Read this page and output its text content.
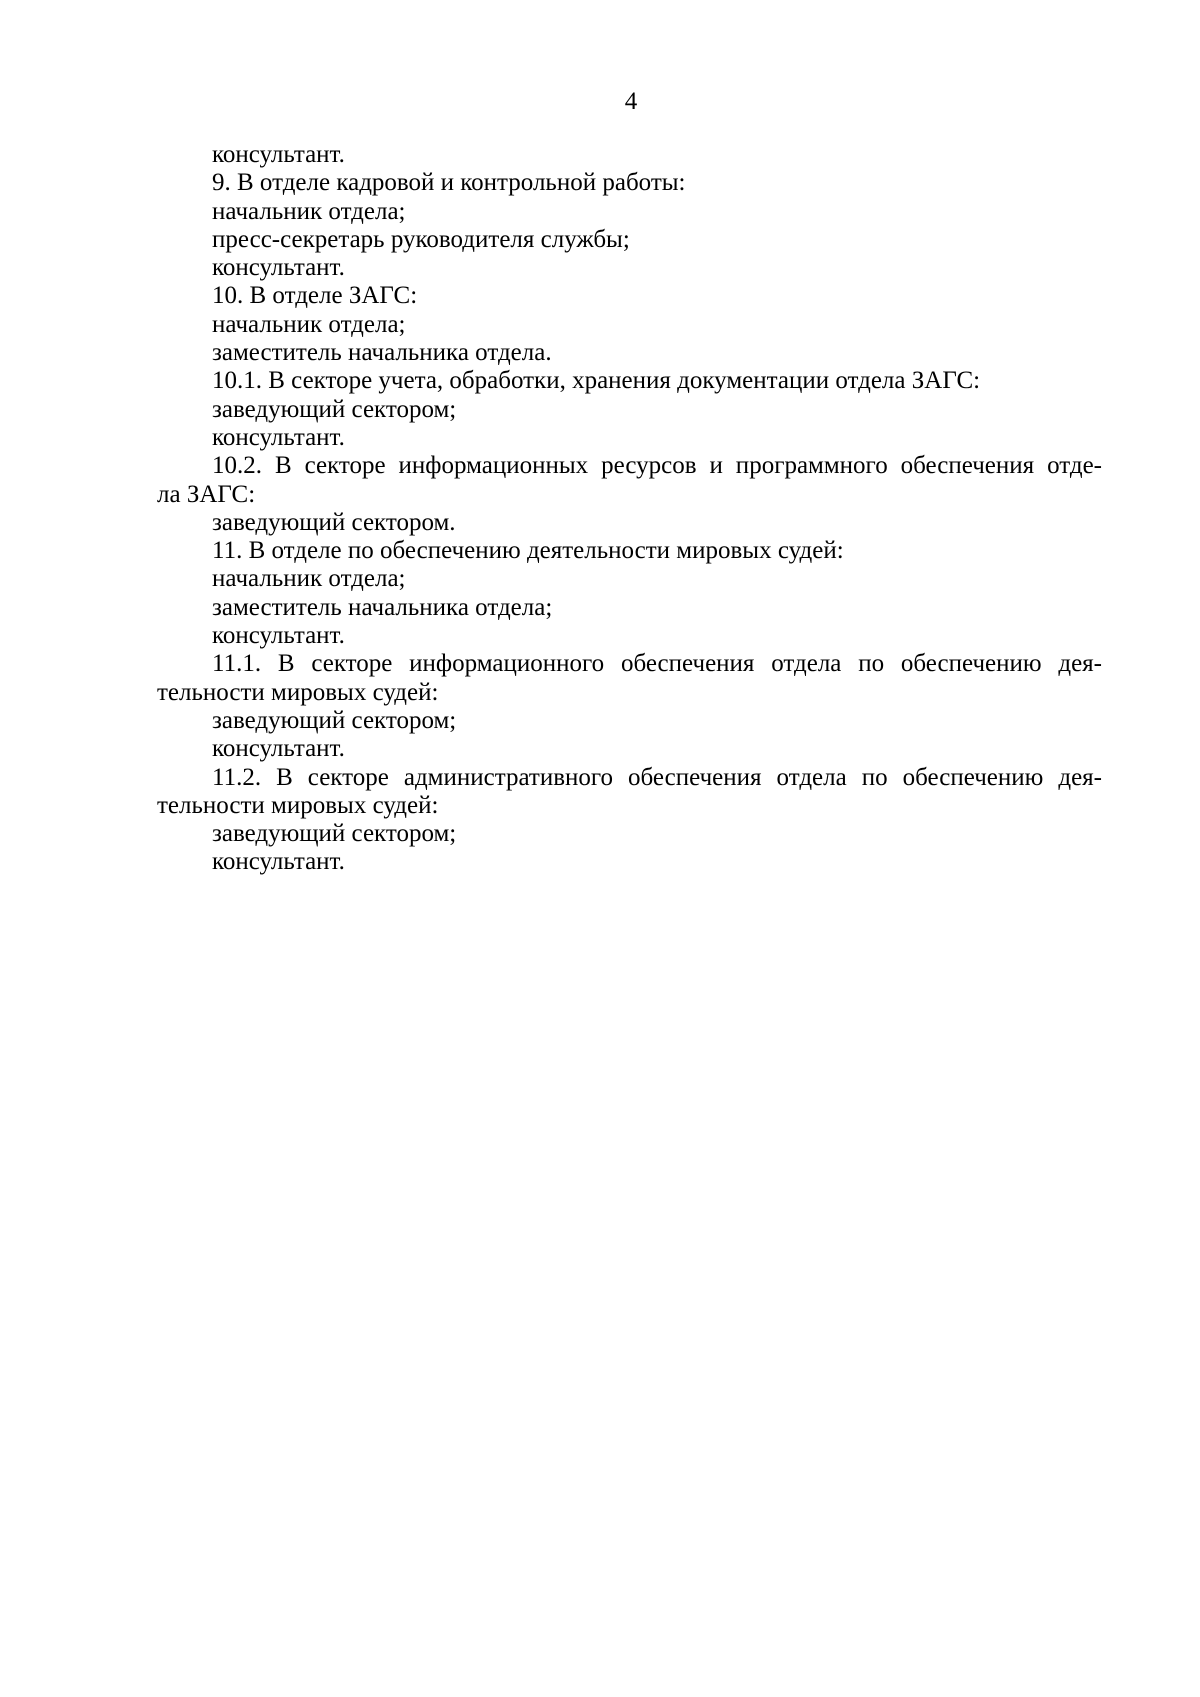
4
консультант.
9. В отделе кадровой и контрольной работы:
начальник отдела;
пресс-секретарь руководителя службы;
консультант.
10. В отделе ЗАГС:
начальник отдела;
заместитель начальника отдела.
10.1. В секторе учета, обработки, хранения документации отдела ЗАГС:
заведующий сектором;
консультант.
10.2. В секторе информационных ресурсов и программного обеспечения отде-
ла ЗАГС:
заведующий сектором.
11. В отделе по обеспечению деятельности мировых судей:
начальник отдела;
заместитель начальника отдела;
консультант.
11.1. В секторе информационного обеспечения отдела по обеспечению дея-
тельности мировых судей:
заведующий сектором;
консультант.
11.2. В секторе административного обеспечения отдела по обеспечению дея-
тельности мировых судей:
заведующий сектором;
консультант.
